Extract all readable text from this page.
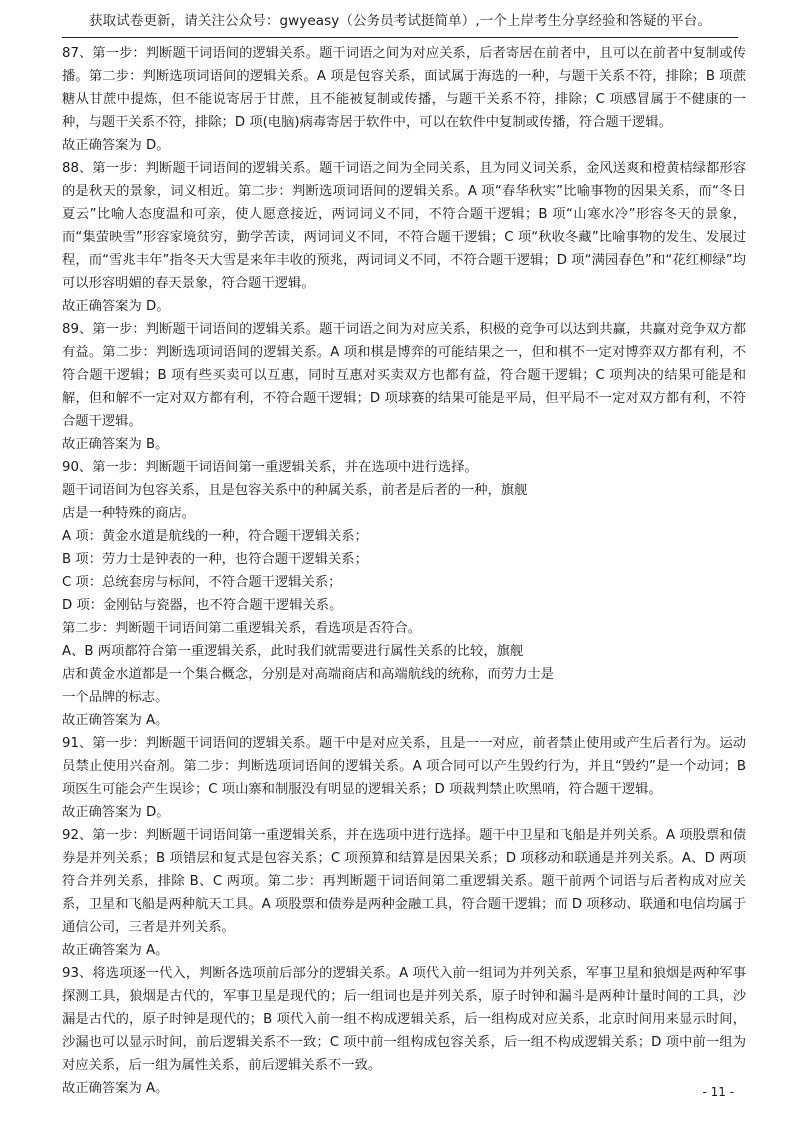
获取试卷更新，请关注公众号：gwyeasy（公务员考试挺简单）,一个上岸考生分享经验和答疑的平台。

87、第一步：判断题干词语间的逻辑关系。题干词语之间为对应关系，后者寄居在前者中，且可以在前者中复制或传播。第二步：判断选项词语间的逻辑关系。A 项是包容关系，面试属于海选的一种，与题干关系不符，排除；B 项蔗糖从甘蔗中提炼，但不能说寄居于甘蔗，且不能被复制或传播，与题干关系不符，排除；C 项感冒属于不健康的一种，与题干关系不符，排除；D 项(电脑)病毒寄居于软件中，可以在软件中复制或传播，符合题干逻辑。

故正确答案为 D。

88、第一步：判断题干词语间的逻辑关系。题干词语之间为全同关系，且为同义词关系，金风送爽和橙黄桔绿都形容的是秋天的景象，词义相近。第二步：判断选项词语间的逻辑关系。A 项“春华秋实”比喻事物的因果关系，而“冬日夏云”比喻人态度温和可亲，使人愿意接近，两词词义不同，不符合题干逻辑；B 项“山寒水冷”形容冬天的景象，而“集萤映雪”形容家境贫穷，勤学苦读，两词词义不同，不符合题干逻辑；C 项“秋收冬藏”比喻事物的发生、发展过程，而“雪兆丰年”指冬天大雪是来年丰收的预兆，两词词义不同，不符合题干逻辑；D 项“满园春色”和“花红柳绿”均可以形容明媚的春天景象，符合题干逻辑。

故正确答案为 D。

89、第一步：判断题干词语间的逻辑关系。题干词语之间为对应关系，积极的竞争可以达到共赢，共赢对竞争双方都有益。第二步：判断选项词语间的逻辑关系。A 项和棋是博弈的可能结果之一，但和棋不一定对博弈双方都有利，不符合题干逻辑；B 项有些买卖可以互惠，同时互惠对买卖双方也都有益，符合题干逻辑；C 项判决的结果可能是和解，但和解不一定对双方都有利，不符合题干逻辑；D 项球赛的结果可能是平局，但平局不一定对双方都有利，不符合题干逻辑。

故正确答案为 B。

90、第一步：判断题干词语间第一重逻辑关系，并在选项中进行选择。

题干词语间为包容关系，且是包容关系中的种属关系，前者是后者的一种，旗舰

店是一种特殊的商店。

A 项：黄金水道是航线的一种，符合题干逻辑关系；

B 项：劳力士是钟表的一种，也符合题干逻辑关系；

C 项：总统套房与标间，不符合题干逻辑关系；

D 项：金刚钻与瓷器，也不符合题干逻辑关系。

第二步：判断题干词语间第二重逻辑关系，看选项是否符合。

A、B 两项都符合第一重逻辑关系，此时我们就需要进行属性关系的比较，旗舰

店和黄金水道都是一个集合概念，分别是对高端商店和高端航线的统称，而劳力士是

一个品牌的标志。

故正确答案为 A。

91、第一步：判断题干词语间的逻辑关系。题干中是对应关系，且是一一对应，前者禁止使用或产生后者行为。运动员禁止使用兴奋剂。第二步：判断选项词语间的逻辑关系。A 项合同可以产生毁约行为，并且“毁约”是一个动词；B 项医生可能会产生误诊；C 项山寨和制服没有明显的逻辑关系；D 项裁判禁止吹黑哨，符合题干逻辑。

故正确答案为 D。

92、第一步：判断题干词语间第一重逻辑关系，并在选项中进行选择。题干中卫星和飞船是并列关系。A 项股票和债券是并列关系；B 项错层和复式是包容关系；C 项预算和结算是因果关系；D 项移动和联通是并列关系。A、D 两项符合并列关系，排除 B、C 两项。第二步：再判断题干词语间第二重逻辑关系。题干前两个词语与后者构成对应关系，卫星和飞船是两种航天工具。A 项股票和债券是两种金融工具，符合题干逻辑；而 D 项移动、联通和电信均属于通信公司，三者是并列关系。

故正确答案为 A。

93、将选项逐一代入，判断各选项前后部分的逻辑关系。A 项代入前一组词为并列关系，军事卫星和狼烟是两种军事探测工具，狼烟是古代的，军事卫星是现代的；后一组词也是并列关系，原子时钟和漏斗是两种计量时间的工具，沙漏是古代的，原子时钟是现代的；B 项代入前一组不构成逻辑关系，后一组构成对应关系，北京时间用来显示时间，沙漏也可以显示时间，前后逻辑关系不一致；C 项中前一组构成包容关系，后一组不构成逻辑关系；D 项中前一组为对应关系，后一组为属性关系，前后逻辑关系不一致。

故正确答案为 A。	- 11 -
